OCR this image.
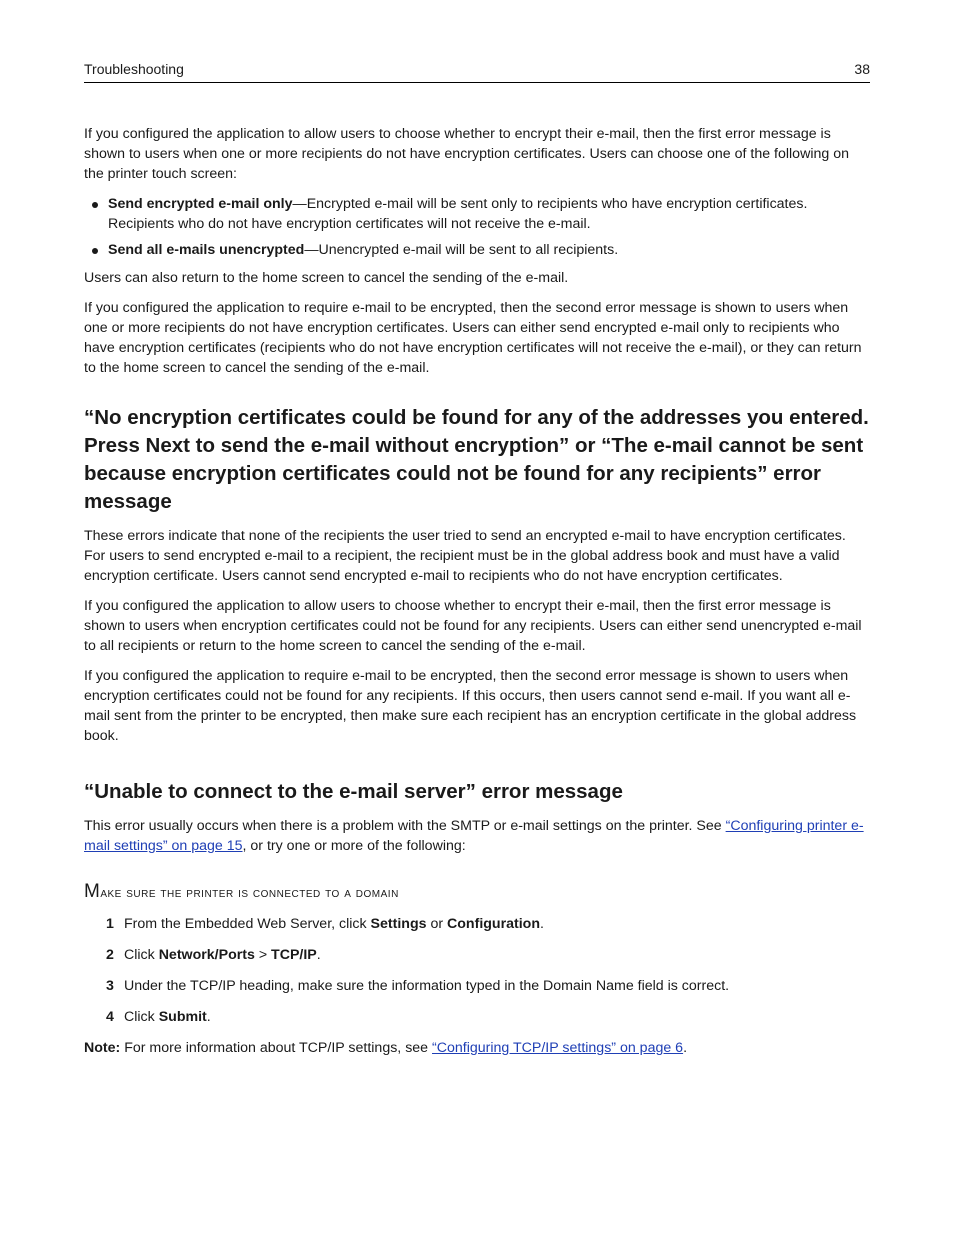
Troubleshooting	38

If you configured the application to allow users to choose whether to encrypt their e-mail, then the first error message is shown to users when one or more recipients do not have encryption certificates. Users can choose one of the following on the printer touch screen:

Send encrypted e-mail only—Encrypted e-mail will be sent only to recipients who have encryption certificates. Recipients who do not have encryption certificates will not receive the e-mail.
Send all e-mails unencrypted—Unencrypted e-mail will be sent to all recipients.

Users can also return to the home screen to cancel the sending of the e-mail.

If you configured the application to require e-mail to be encrypted, then the second error message is shown to users when one or more recipients do not have encryption certificates. Users can either send encrypted e-mail only to recipients who have encryption certificates (recipients who do not have encryption certificates will not receive the e-mail), or they can return to the home screen to cancel the sending of the e-mail.

“No encryption certificates could be found for any of the addresses you entered. Press Next to send the e-mail without encryption” or “The e-mail cannot be sent because encryption certificates could not be found for any recipients” error message

These errors indicate that none of the recipients the user tried to send an encrypted e-mail to have encryption certificates. For users to send encrypted e-mail to a recipient, the recipient must be in the global address book and must have a valid encryption certificate. Users cannot send encrypted e-mail to recipients who do not have encryption certificates.

If you configured the application to allow users to choose whether to encrypt their e-mail, then the first error message is shown to users when encryption certificates could not be found for any recipients. Users can either send unencrypted e-mail to all recipients or return to the home screen to cancel the sending of the e-mail.

If you configured the application to require e-mail to be encrypted, then the second error message is shown to users when encryption certificates could not be found for any recipients. If this occurs, then users cannot send e-mail. If you want all e-mail sent from the printer to be encrypted, then make sure each recipient has an encryption certificate in the global address book.

“Unable to connect to the e-mail server” error message

This error usually occurs when there is a problem with the SMTP or e-mail settings on the printer. See “Configuring printer e-mail settings” on page 15, or try one or more of the following:

Make sure the printer is connected to a domain
1 From the Embedded Web Server, click Settings or Configuration.
2 Click Network/Ports > TCP/IP.
3 Under the TCP/IP heading, make sure the information typed in the Domain Name field is correct.
4 Click Submit.

Note: For more information about TCP/IP settings, see “Configuring TCP/IP settings” on page 6.
